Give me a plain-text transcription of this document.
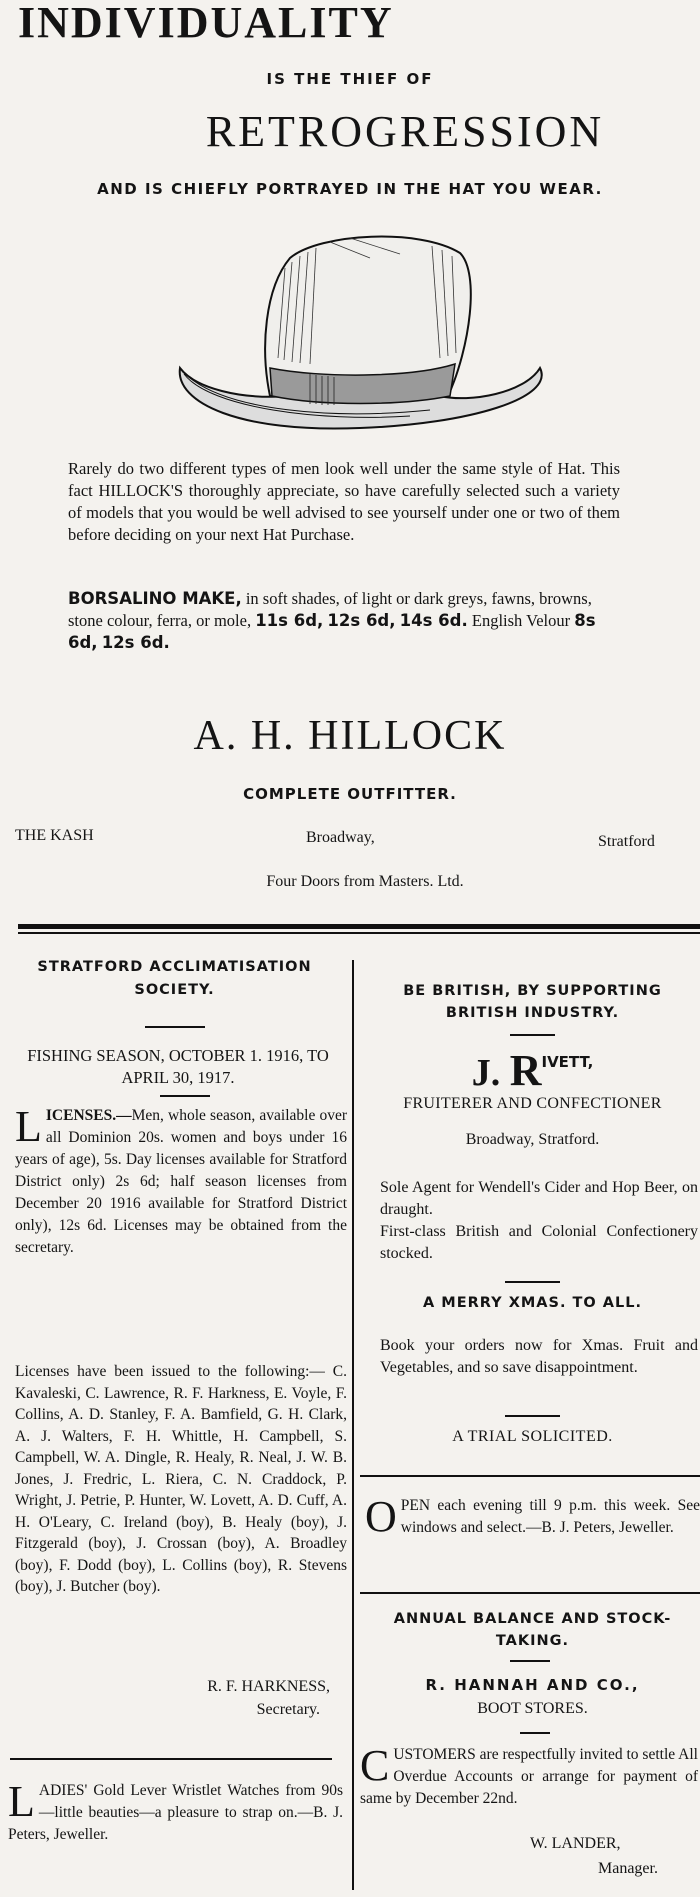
INDIVIDUALITY
IS THE THIEF OF
RETROGRESSION
AND IS CHIEFLY PORTRAYED IN THE HAT YOU WEAR.
Rarely do two different types of men look well under the same style of Hat. This fact HILLOCK'S thoroughly appreciate, so have carefully selected such a variety of models that you would be well advised to see yourself under one or two of them before deciding on your next Hat Purchase.
BORSALINO MAKE, in soft shades, of light or dark greys, fawns, browns, stone colour, ferra, or mole, 11s 6d, 12s 6d, 14s 6d. English Velour 8s 6d, 12s 6d.
A. H. HILLOCK
COMPLETE OUTFITTER.
THE KASH	Broadway,	Stratford
Four Doors from Masters. Ltd.
STRATFORD ACCLIMATISATION
SOCIETY.
FISHING SEASON, OCTOBER 1. 1916, TO APRIL 30, 1917.
LICENSES.—Men, whole season, available over all Dominion 20s. women and boys under 16 years of age), 5s. Day licenses available for Stratford District only) 2s 6d; half season licenses from December 20 1916 available for Stratford District only), 12s 6d. Licenses may be obtained from the secretary.
Licenses have been issued to the following:— C. Kavaleski, C. Lawrence, R. F. Harkness, E. Voyle, F. Collins, A. D. Stanley, F. A. Bamfield, G. H. Clark, A. J. Walters, F. H. Whittle, H. Campbell, S. Campbell, W. A. Dingle, R. Healy, R. Neal, J. W. B. Jones, J. Fredric, L. Riera, C. N. Craddock, P. Wright, J. Petrie, P. Hunter, W. Lovett, A. D. Cuff, A. H. O'Leary, C. Ireland (boy), B. Healy (boy), J. Fitzgerald (boy), J. Crossan (boy), A. Broadley (boy), F. Dodd (boy), L. Collins (boy), R. Stevens (boy), J. Butcher (boy).
R. F. HARKNESS,
Secretary.
LADIES' Gold Lever Wristlet Watches from 90s—little beauties—a pleasure to strap on.—B. J. Peters, Jeweller.
BE BRITISH, BY SUPPORTING
BRITISH INDUSTRY.
J. $R^{IVETT,}$
FRUITERER AND CONFECTIONER
Broadway, Stratford.
Sole Agent for Wendell's Cider and Hop Beer, on draught.
First-class British and Colonial Confectionery stocked.
A MERRY XMAS. TO ALL.
Book your orders now for Xmas. Fruit and Vegetables, and so save disappointment.
A TRIAL SOLICITED.
OPEN each evening till 9 p.m. this week. See windows and select.—B. J. Peters, Jeweller.
ANNUAL BALANCE AND STOCK-
TAKING.
R. HANNAH AND CO.,
BOOT STORES.
CUSTOMERS are respectfully invited to settle All Overdue Accounts or arrange for payment of same by December 22nd.
W. LANDER,
Manager.
